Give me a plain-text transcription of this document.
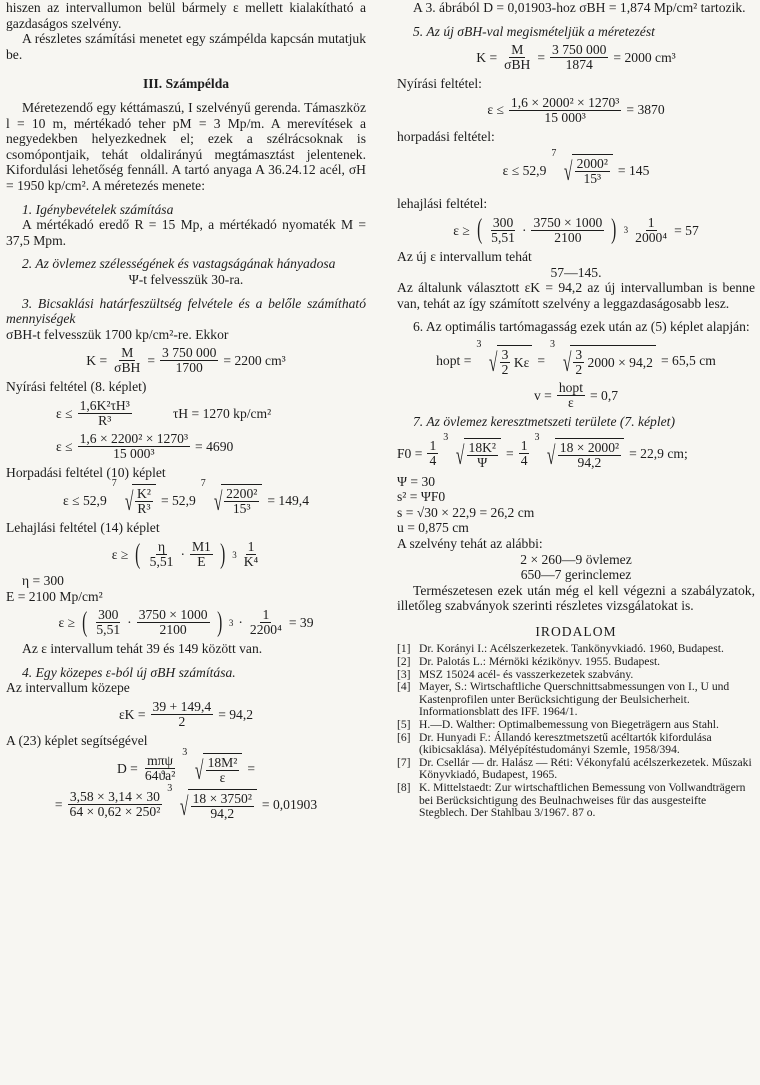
hiszen az intervallumon belül bármely ε mellett kialakítható a gazdaságos szelvény.

A részletes számítási menetet egy számpélda kapcsán mutatjuk be.

III. Számpélda

Méretezendő egy kéttámaszú, I szelvényű gerenda. Támaszköz l = 10 m, mértékadó teher pM = 3 Mp/m. A merevítések a negyedekben helyezkednek el; ezek a szélrácsoknak is csomópontjaik, tehát oldalirányú megtámasztást jelentenek. Kifordulási lehetőség fennáll. A tartó anyaga A 36.24.12 acél, σH = 1950 kp/cm². A méretezés menete:

1. Igénybevételek számítása

A mértékadó eredő R = 15 Mp, a mértékadó nyomaték M = 37,5 Mpm.

2. Az övlemez szélességének és vastagságának hányadosa

Ψ-t felvesszük 30-ra.

3. Bicsaklási határfeszültség felvétele és a belőle számítható mennyiségek

σBH-t felvesszük 1700 kp/cm²-re. Ekkor

$K = \frac{M}{\text{σBH}} = \frac{3 750 000}{1700} = 2200$ cm³

Nyírási feltétel (8. képlet)

$\varepsilon \le \frac{\text{1,6K²τH³}}{\text{R³}}$	τH = 1270 kp/cm²
$\varepsilon \le \frac{\text{1,6 × 2200² × 1270³}}{\text{15 000³}} = 4690$

Horpadási feltétel (10) képlet

ε ≤ 52,9
7
√ $\frac{\text{K²}}{\text{R³}} = 52,9$
7
√ $\frac{\text{2200²}}{\text{15³}} = 149,4$

Lehajlási feltétel (14) képlet

ε ≥ ( $\frac{\eta}{5,51} \cdot \frac{M1}{E}$ ) $3 \frac{1}{\text{K⁴}}$

η = 300

E = 2100 Mp/cm²

ε ≥ ( $\frac{300}{5,51} \cdot \frac{3750 \times 1000}{2100}$ ) $3 \cdot \frac{1}{\text{2200⁴}} = 39$

Az ε intervallum tehát 39 és 149 között van.

4. Egy közepes ε-ból új σBH számítása.

Az intervallum közepe

$\varepsilon K = \frac{39 + 149,4}{2} = 94,2$

A (23) képlet segítségével

$D = \frac{\text{mπψ}}{\text{64ϑa²}}$
3
√ $\frac{\text{18M²}}{\varepsilon}$ =
= $\frac{3,58 \times 3,14 \times 30}{\text{64 × 0,62 × 250²}}$
3
√ $\frac{\text{18 × 3750²}}{94,2} = 0,01903$

A 3. ábrából D = 0,01903-hoz σBH = 1,874 Mp/cm² tartozik.

5. Az új σBH-val megismételjük a méretezést

$K = \frac{M}{\text{σBH}} = \frac{3 750 000}{1874} = 2000$ cm³

Nyírási feltétel:

$\varepsilon \le \frac{\text{1,6 × 2000² × 1270³}}{\text{15 000³}} = 3870$

horpadási feltétel:

ε ≤ 52,9
7
√ $\frac{\text{2000²}}{\text{15³}} = 145$

lehajlási feltétel:

ε ≥ ( $\frac{300}{5,51} \cdot \frac{3750 \times 1000}{2100}$ ) $3 \frac{1}{\text{2000⁴}} = 57$

Az új ε intervallum tehát

57—145.

Az általunk választott εK = 94,2 az új intervallumban is benne van, tehát az így számított szelvény a leggazdaságosabb lesz.

6. Az optimális tartómagasság ezek után az (5) képlet alapján:

hopt =
3
√ $\frac{3}{2}$
Kε =
3
√ $\frac{3}{2}$
2000 × 94,2 = 65,5 cm
$v = \frac{\text{hopt}}{\varepsilon} = 0,7$

7. Az övlemez keresztmetszeti területe (7. képlet)

$F0 = \frac{1}{4}$
3
√ $\frac{\text{18K²}}{\Psi} = \frac{1}{4}$
3
√ $\frac{\text{18 × 2000²}}{94,2} = 22,9$ cm;

Ψ = 30

s² = ΨF0

s = √30 × 22,9 = 26,2 cm

u = 0,875 cm

A szelvény tehát az alábbi:

2 × 260—9 övlemez

650—7 gerinclemez

Természetesen ezek után még el kell végezni a szabályzatok, illetőleg szabványok szerinti részletes vizsgálatokat is.

IRODALOM
[1] Dr. Korányi I.: Acélszerkezetek. Tankönyvkiadó. 1960, Budapest.
[2] Dr. Palotás L.: Mérnöki kézikönyv. 1955. Budapest.
[3] MSZ 15024 acél- és vasszerkezetek szabvány.
[4] Mayer, S.: Wirtschaftliche Querschnittsabmessungen von I., U und Kastenprofilen unter Berücksichtigung der Beulsicherheit. Informationsblatt des IFF. 1964/1.
[5] H.—D. Walther: Optimalbemessung von Biegeträgern aus Stahl.
[6] Dr. Hunyadi F.: Állandó keresztmetszetű acéltartók kifordulása (kibicsaklása). Mélyépítéstudományi Szemle, 1958/394.
[7] Dr. Csellár — dr. Halász — Réti: Vékonyfalú acélszerkezetek. Műszaki Könyvkiadó, Budapest, 1965.
[8] K. Mittelstaedt: Zur wirtschaftlichen Bemessung von Vollwandträgern bei Berücksichtigung des Beulnachweises für das ausgesteifte Stegblech. Der Stahlbau 3/1967. 87 o.
